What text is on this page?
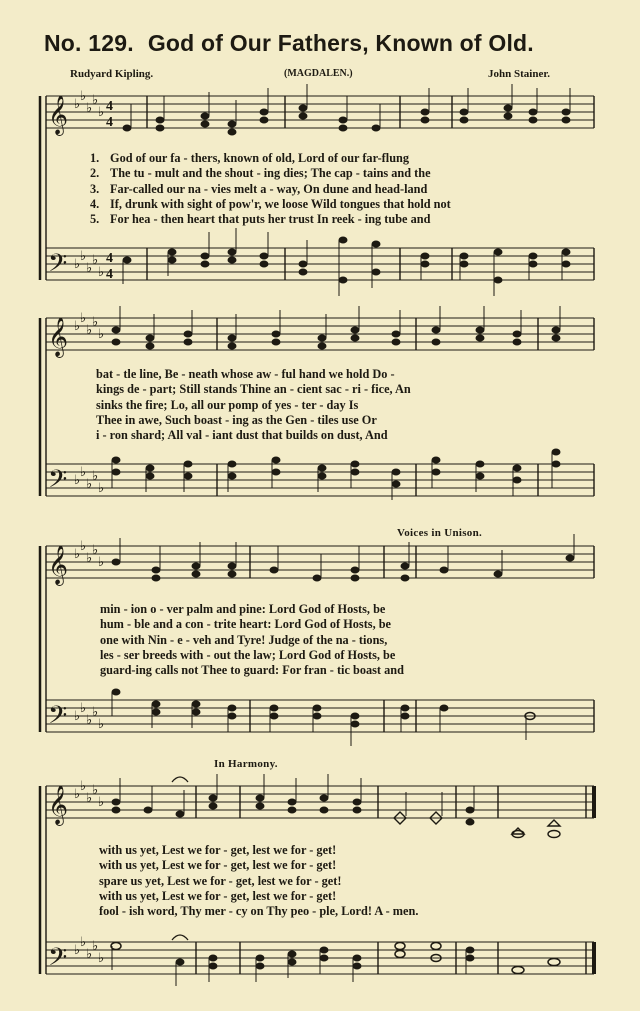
No. 129. God of Our Fathers, Known of Old.
Rudyard Kipling.	(MAGDALEN.)	John Stainer.
𝄞
𝄢
♭
♭
♭
♭
♭
♭
♭
♭
♭
♭
4
4
4
4
1. God of our fa - thers, known of old, Lord of our far-flung
2. The tu - mult and the shout - ing dies; The cap - tains and the
3. Far-called our na - vies melt a - way, On dune and head-land
4. If, drunk with sight of pow'r, we loose Wild tongues that hold not
5. For hea - then heart that puts her trust In reek - ing tube and
𝄞
𝄢
♭
♭
♭
♭
♭
♭
♭
♭
♭
♭
bat - tle line, Be - neath whose aw - ful hand we hold Do -
kings de - part; Still stands Thine an - cient sac - ri - fice, An
sinks the fire; Lo, all our pomp of yes - ter - day Is
Thee in awe, Such boast - ing as the Gen - tiles use Or
i - ron shard; All val - iant dust that builds on dust, And
Voices in Unison.
𝄞
𝄢
♭
♭
♭
♭
♭
♭
♭
♭
♭
♭
min - ion o - ver palm and pine: Lord God of Hosts, be
hum - ble and a con - trite heart: Lord God of Hosts, be
one with Nin - e - veh and Tyre! Judge of the na - tions,
les - ser breeds with - out the law; Lord God of Hosts, be
guard-ing calls not Thee to guard: For fran - tic boast and
In Harmony.
𝄞
𝄢
♭
♭
♭
♭
♭
♭
♭
♭
♭
♭
with us yet, Lest we for - get, lest we for - get!
with us yet, Lest we for - get, lest we for - get!
spare us yet, Lest we for - get, lest we for - get!
with us yet, Lest we for - get, lest we for - get!
fool - ish word, Thy mer - cy on Thy peo - ple, Lord! A - men.
